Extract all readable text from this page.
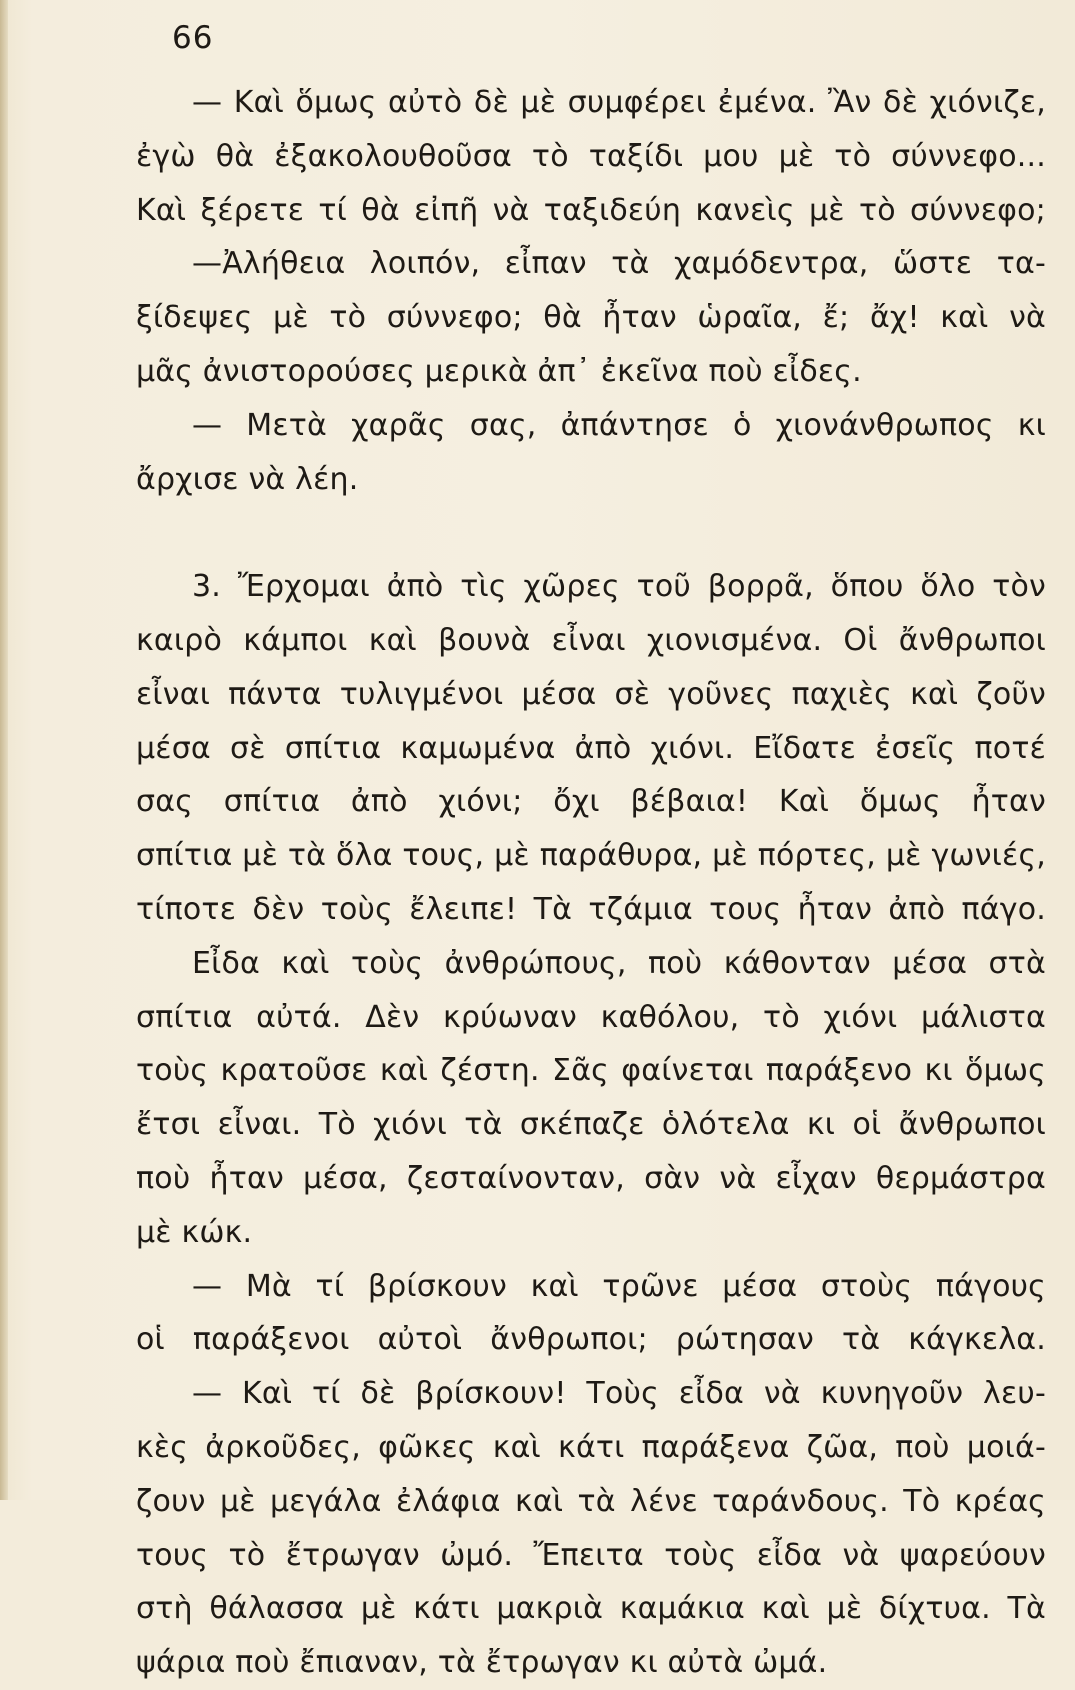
66
— Καὶ ὅμως αὐτὸ δὲ μὲ συμφέρει ἐμένα. Ἂν δὲ χιόνιζε,
ἐγὼ θὰ ἐξακολουθοῦσα τὸ ταξίδι μου μὲ τὸ σύννεφο...
Καὶ ξέρετε τί θὰ εἰπῆ νὰ ταξιδεύη κανεὶς μὲ τὸ σύννεφο;
—Ἀλήθεια λοιπόν, εἶπαν τὰ χαμόδεντρα, ὥστε τα-
ξίδεψες μὲ τὸ σύννεφο; θὰ ἦταν ὡραῖα, ἔ; ἄχ! καὶ νὰ
μᾶς ἀνιστορούσες μερικὰ ἀπ᾿ ἐκεῖνα ποὺ εἶδες.
— Μετὰ χαρᾶς σας, ἀπάντησε ὁ χιονάνθρωπος κι
ἄρχισε νὰ λέη.
3. Ἔρχομαι ἀπὸ τὶς χῶρες τοῦ βορρᾶ, ὅπου ὅλο τὸν
καιρὸ κάμποι καὶ βουνὰ εἶναι χιονισμένα. Οἱ ἄνθρωποι
εἶναι πάντα τυλιγμένοι μέσα σὲ γοῦνες παχιὲς καὶ ζοῦν
μέσα σὲ σπίτια καμωμένα ἀπὸ χιόνι. Εἴδατε ἐσεῖς ποτέ
σας σπίτια ἀπὸ χιόνι; ὄχι βέβαια! Καὶ ὅμως ἦταν
σπίτια μὲ τὰ ὅλα τους, μὲ παράθυρα, μὲ πόρτες, μὲ γωνιές,
τίποτε δὲν τοὺς ἔλειπε! Τὰ τζάμια τους ἦταν ἀπὸ πάγο.
Εἶδα καὶ τοὺς ἀνθρώπους, ποὺ κάθονταν μέσα στὰ
σπίτια αὐτά. Δὲν κρύωναν καθόλου, τὸ χιόνι μάλιστα
τοὺς κρατοῦσε καὶ ζέστη. Σᾶς φαίνεται παράξενο κι ὅμως
ἔτσι εἶναι. Τὸ χιόνι τὰ σκέπαζε ὁλότελα κι οἱ ἄνθρωποι
ποὺ ἦταν μέσα, ζεσταίνονταν, σὰν νὰ εἶχαν θερμάστρα
μὲ κώκ.
— Μὰ τί βρίσκουν καὶ τρῶνε μέσα στοὺς πάγους
οἱ παράξενοι αὐτοὶ ἄνθρωποι; ρώτησαν τὰ κάγκελα.
— Καὶ τί δὲ βρίσκουν! Τοὺς εἶδα νὰ κυνηγοῦν λευ-
κὲς ἀρκοῦδες, φῶκες καὶ κάτι παράξενα ζῶα, ποὺ μοιά-
ζουν μὲ μεγάλα ἐλάφια καὶ τὰ λένε ταράνδους. Τὸ κρέας
τους τὸ ἔτρωγαν ὠμό. Ἔπειτα τοὺς εἶδα νὰ ψαρεύουν
στὴ θάλασσα μὲ κάτι μακριὰ καμάκια καὶ μὲ δίχτυα. Τὰ
ψάρια ποὺ ἔπιαναν, τὰ ἔτρωγαν κι αὐτὰ ὠμά.
